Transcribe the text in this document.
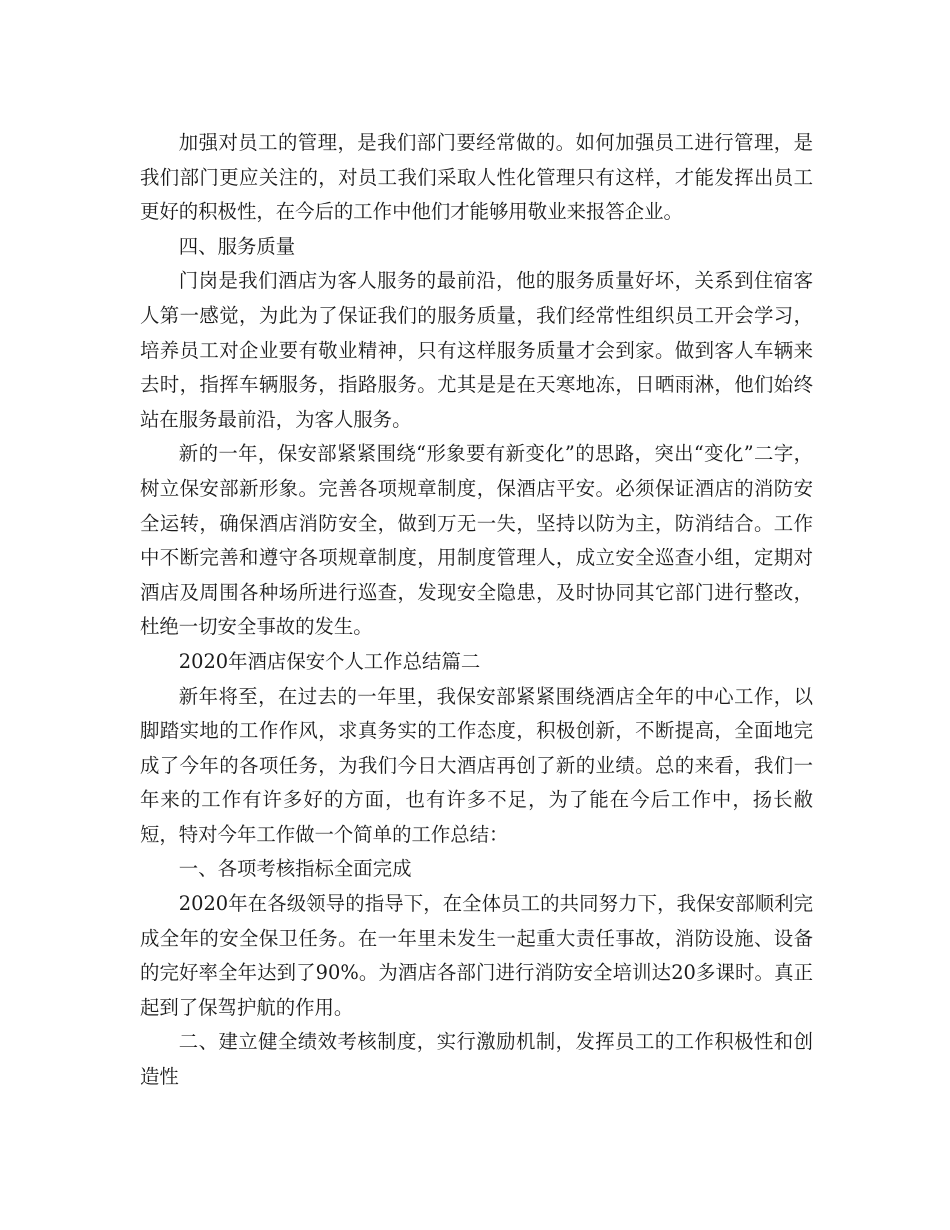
加强对员工的管理，是我们部门要经常做的。如何加强员工进行管理，是我们部门更应关注的，对员工我们采取人性化管理只有这样，才能发挥出员工更好的积极性，在今后的工作中他们才能够用敬业来报答企业。

四、服务质量

门岗是我们酒店为客人服务的最前沿，他的服务质量好坏，关系到住宿客人第一感觉，为此为了保证我们的服务质量，我们经常性组织员工开会学习，培养员工对企业要有敬业精神，只有这样服务质量才会到家。做到客人车辆来去时，指挥车辆服务，指路服务。尤其是是在天寒地冻，日晒雨淋，他们始终站在服务最前沿，为客人服务。

新的一年，保安部紧紧围绕“形象要有新变化”的思路，突出“变化”二字，树立保安部新形象。完善各项规章制度，保酒店平安。必须保证酒店的消防安全运转，确保酒店消防安全，做到万无一失，坚持以防为主，防消结合。工作中不断完善和遵守各项规章制度，用制度管理人，成立安全巡查小组，定期对酒店及周围各种场所进行巡查，发现安全隐患，及时协同其它部门进行整改，杜绝一切安全事故的发生。

2020年酒店保安个人工作总结篇二

新年将至，在过去的一年里，我保安部紧紧围绕酒店全年的中心工作，以脚踏实地的工作作风，求真务实的工作态度，积极创新，不断提高，全面地完成了今年的各项任务，为我们今日大酒店再创了新的业绩。总的来看，我们一年来的工作有许多好的方面，也有许多不足，为了能在今后工作中，扬长敝短，特对今年工作做一个简单的工作总结：

一、各项考核指标全面完成

2020年在各级领导的指导下，在全体员工的共同努力下，我保安部顺利完成全年的安全保卫任务。在一年里未发生一起重大责任事故，消防设施、设备的完好率全年达到了90%。为酒店各部门进行消防安全培训达20多课时。真正起到了保驾护航的作用。

二、建立健全绩效考核制度，实行激励机制，发挥员工的工作积极性和创造性
